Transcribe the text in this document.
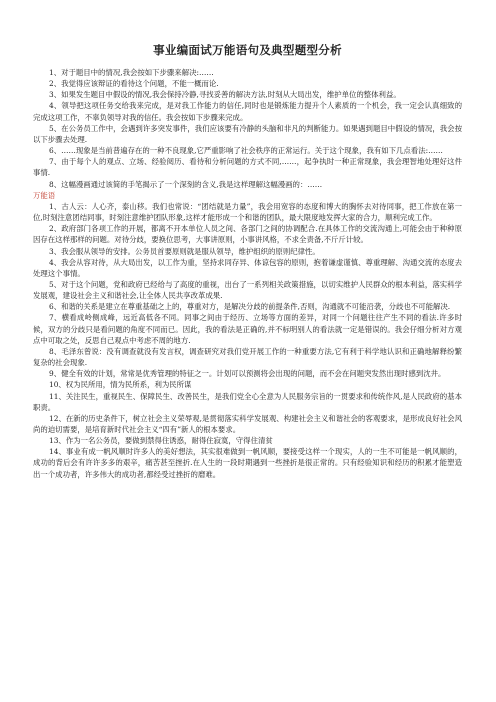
事业编面试万能语句及典型题型分析

1、对于题目中的情况,我会按如下步骤来解决:……

2、我觉得应该辩证的看待这个问题，不能一概而论.

3、如果发生题目中假设的情况,我会保持冷静,寻找妥善的解决方法,时刻从大局出发，维护单位的整体利益。

4、领导把这项任务交给我来完成，是对我工作能力的信任,同时也是锻炼能力提升个人素质的一个机会，我一定会认真细致的完成这项工作，不辜负领导对我的信任。我会按如下步骤来完成。

5、在公务员工作中，会遇到许多突发事件，我们应该要有冷静的头脑和非凡的判断能力。如果遇到题目中假设的情况，我会按以下步骤去处理.

6、……现象是当前普遍存在的一种不良现象,它严重影响了社会秩序的正常运行。关于这个现象，我有如下几点看法:……

7、由于每个人的观点、立场、经验阅历、看待和分析问题的方式不同,……，起争执时一种正常现象，我会理智地处理好这件事情.

8、这幅漫画通过该简的手笔揭示了一个深刻的含义,我是这样理解这幅漫画的：……

万能语

1、古人云：人心齐，泰山移。我们也常说：“团结就是力量”，我会用宽容的态度和博大的胸怀去对待同事，把工作放在第一位,时刻注意团结同事，时刻注意维护团队形象,这样才能形成一个和谐的团队，最大限度地发挥大家的合力，顺利完成工作。

2、政府部门各项工作的开展，都离不开本单位人员之间、各部门之间的协调配合.在具体工作的交流沟通上,可能会由于种种原因存在这样那样的问题。对待分歧，要换位思考，大事讲原则，小事讲风格，不求全责备,不斤斤计较。

3、我会服从领导的安排。公务员首要原则就是服从领导，维护组织的原则纪律性。

4、我会从容对待，从大局出发，以工作为重，坚持求同存异、体谅包容的原则，抱着谦虚谨慎、尊重理解、沟通交流的态度去处理这个事情。

5、对于这个问题，党和政府已经给与了高度的重视，出台了一系列相关政策措施，以切实维护人民群众的根本利益，落实科学发展观，建设社会主义和谐社会,让全体人民共享改革成果.

6、和谐的关系是建立在尊重基础之上的，尊重对方，是解决分歧的前提条件,否则，沟通就不可能沿袭，分歧也不可能解决.

7、横看成岭侧成峰，远近高低各不同。同事之间由于经历、立场等方面的差异，对同一个问题往往产生不同的看法.许多时候，双方的分歧只是看问题的角度不同而已。因此，我的看法是正确的,并不标明别人的看法就一定是错误的。我会仔细分析对方观点中可取之处，反思自己观点中考虑不周的地方.

8、毛泽东曾说：没有调查就没有发言权，调查研究对我们党开展工作的一种重要方法,它有利于科学地认识和正确地解释纷繁复杂的社会现象.

9、健全有效的计划，常常是优秀管理的特征之一。计划可以预测将会出现的问题，而不会在问题突发然出现时感到沈井。

10、权为民所用，情为民所系，利为民所谋

11、关注民生，重视民生、保障民生、改善民生，是我们党全心全意为人民服务宗旨的一贯要求和传统作风,是人民政府的基本职责。

12、在新的历史条件下，树立社会主义荣辱观,是贯彻落实科学发展观、构建社会主义和谐社会的客观要求，是形成良好社会风尚的迫切需要，是培育新时代社会主义“四有”新人的根本要求。

13、作为一名公务员，要做到禁得住诱惑，耐得住寂寞，守得住清贫

14、事业有成一帆风顺时许多人的美好想法，其实很难做到一帆风顺，要接受这样一个现实，人的一生不可能是一帆风顺的，成功的背后会有许许多多的艰辛，痛苦甚至挫折.在人生的一段时期遇到一些挫折是很正常的。只有经验知识和经历的积累才能塑造出一个成功者，许多伟大的成功者,都经受过挫折的磨难。
